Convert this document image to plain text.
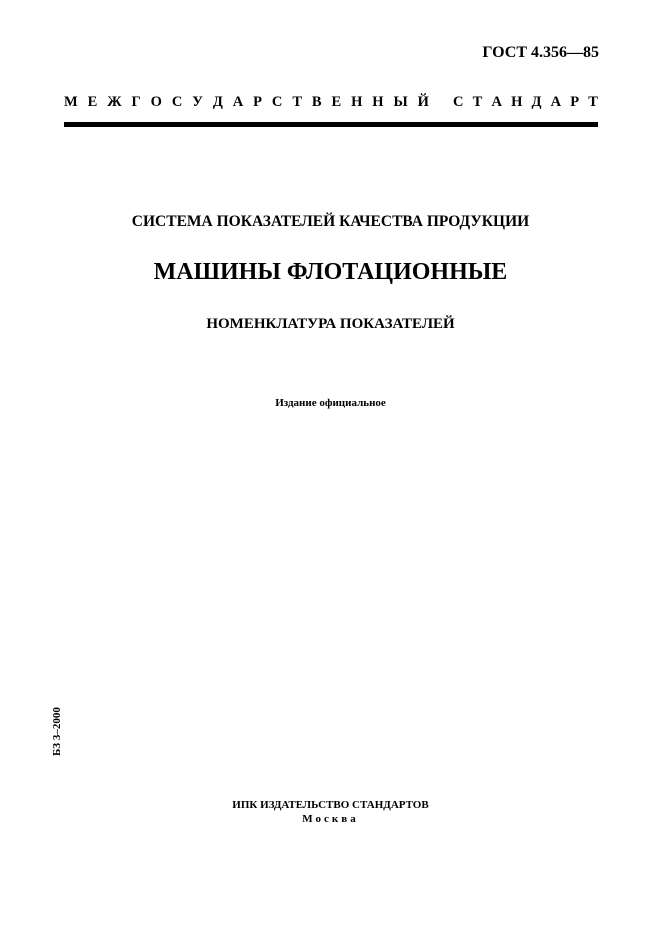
ГОСТ 4.356—85
М Е Ж Г О С У Д А Р С Т В Е Н Н Ы Й С Т А Н Д А Р Т
СИСТЕМА ПОКАЗАТЕЛЕЙ КАЧЕСТВА ПРОДУКЦИИ
МАШИНЫ ФЛОТАЦИОННЫЕ
НОМЕНКЛАТУРА ПОКАЗАТЕЛЕЙ
Издание официальное
БЗ 3–2000
ИПК ИЗДАТЕЛЬСТВО СТАНДАРТОВ
Москва
